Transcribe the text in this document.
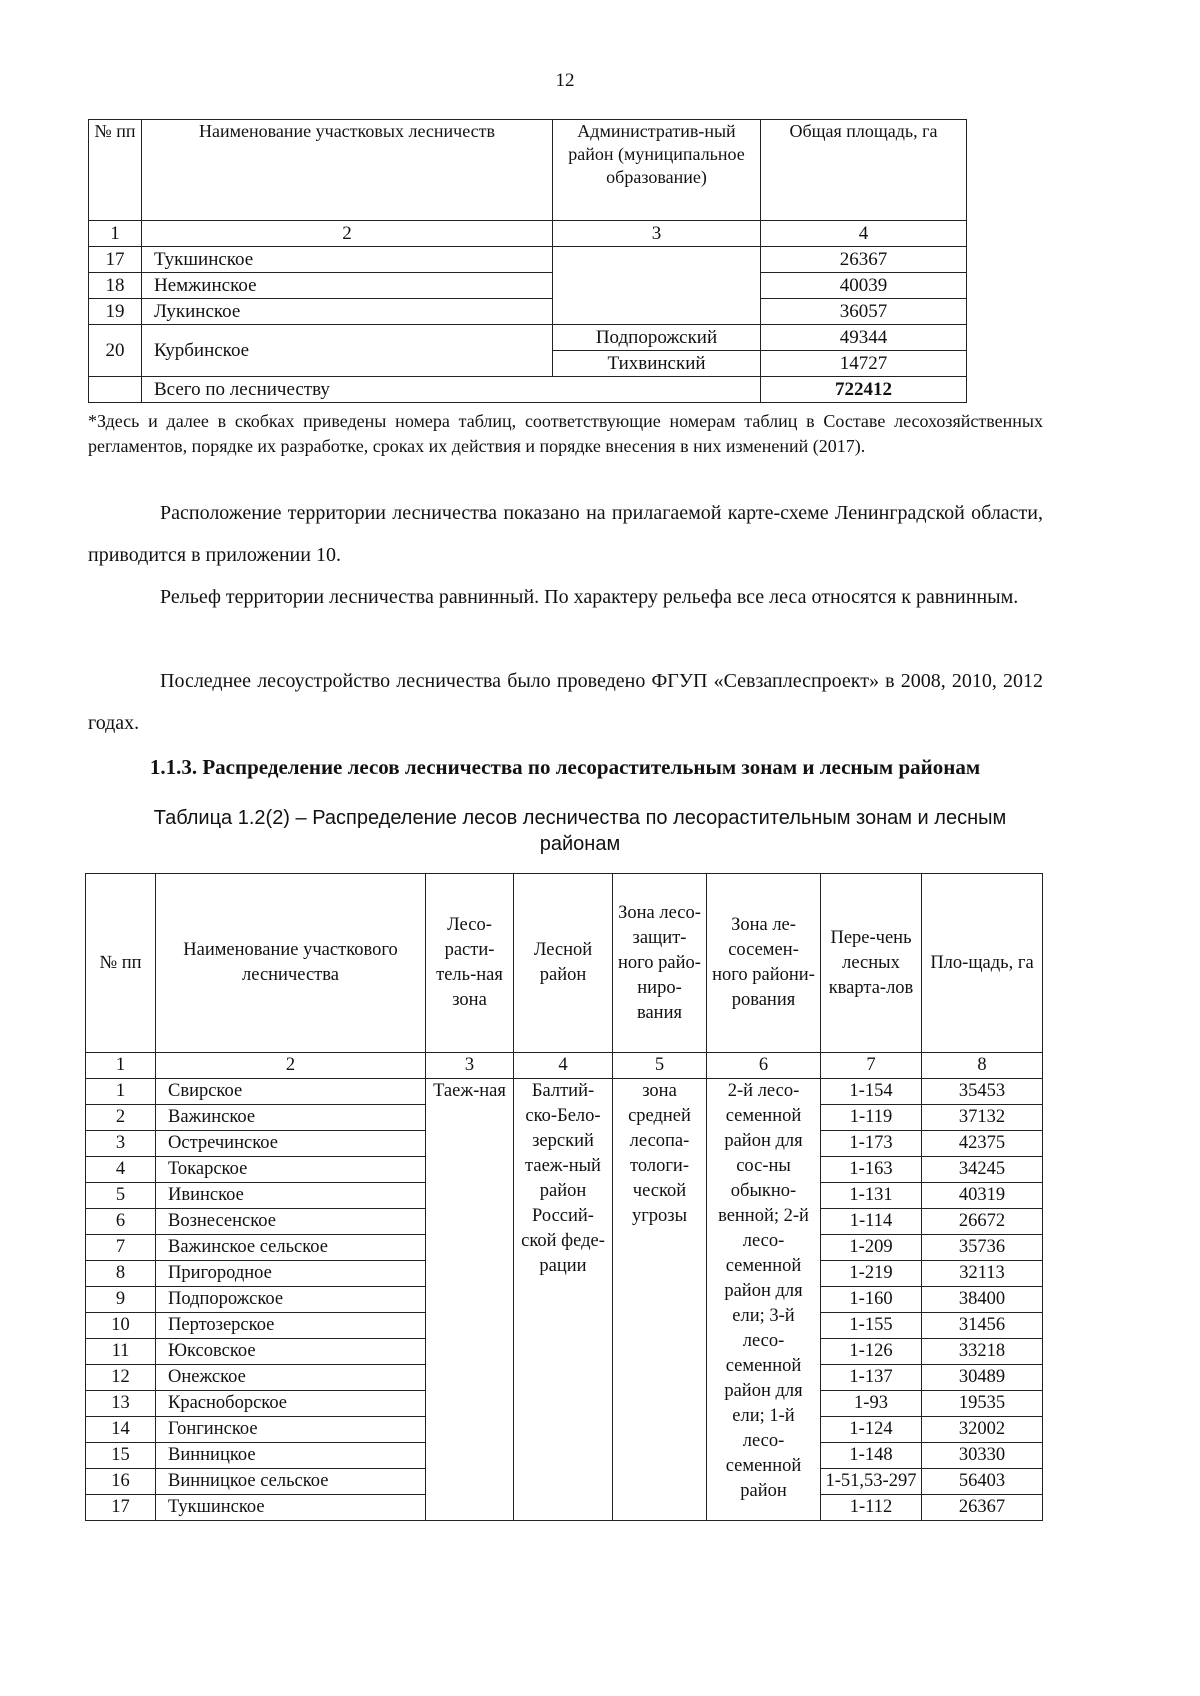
12
№ пп	Наименование участковых лесничеств	Административ-ный район (муниципальное образование)	Общая площадь, га
1	2	3	4
17	Тукшинское		26367
18	Немжинское		40039
19	Лукинское		36057
20	Курбинское	Подпорожский	49344
		Тихвинский	14727
	Всего по лесничеству		722412
*Здесь и далее в скобках приведены номера таблиц, соответствующие номерам таблиц в Составе лесохозяйственных регламентов, порядке их разработке, сроках их действия и порядке внесения в них изменений (2017).
Расположение территории лесничества показано на прилагаемой карте-схеме Ленинградской области, приводится в приложении 10.
Рельеф территории лесничества равнинный. По характеру рельефа все леса относятся к равнинным.
Последнее лесоустройство лесничества было проведено ФГУП «Севзаплеспроект» в 2008, 2010, 2012 годах.
1.1.3. Распределение лесов лесничества по лесорастительным зонам и лесным районам
Таблица 1.2(2) – Распределение лесов лесничества по лесорастительным зонам и лесным районам
№ пп	Наименование участкового лесничества	Лесо-расти-тель-ная зона	Лесной район	Зона лесо-защит-ного райо-ниро-вания	Зона ле-сосемен-ного райони-рования	Пере-чень лесных кварта-лов	Пло-щадь, га
1	2	3	4	5	6	7	8
1	Свирское	Таеж-ная	Балтий-ско-Бело-зерский таеж-ный район Россий-ской феде-рации	зона средней лесопа-тологи-ческой угрозы	2-й лесо-семенной район для сос-ны обыкно-венной; 2-й лесо-семенной район для ели; 3-й лесо-семенной район для ели; 1-й лесо-семенной район	1-154	35453
2	Важинское					1-119	37132
3	Остречинское					1-173	42375
4	Токарское					1-163	34245
5	Ивинское					1-131	40319
6	Вознесенское					1-114	26672
7	Важинское сельское					1-209	35736
8	Пригородное					1-219	32113
9	Подпорожское					1-160	38400
10	Пертозерское					1-155	31456
11	Юксовское					1-126	33218
12	Онежское					1-137	30489
13	Красноборское					1-93	19535
14	Гонгинское					1-124	32002
15	Винницкое					1-148	30330
16	Винницкое сельское					1-51,53-297	56403
17	Тукшинское					1-112	26367
